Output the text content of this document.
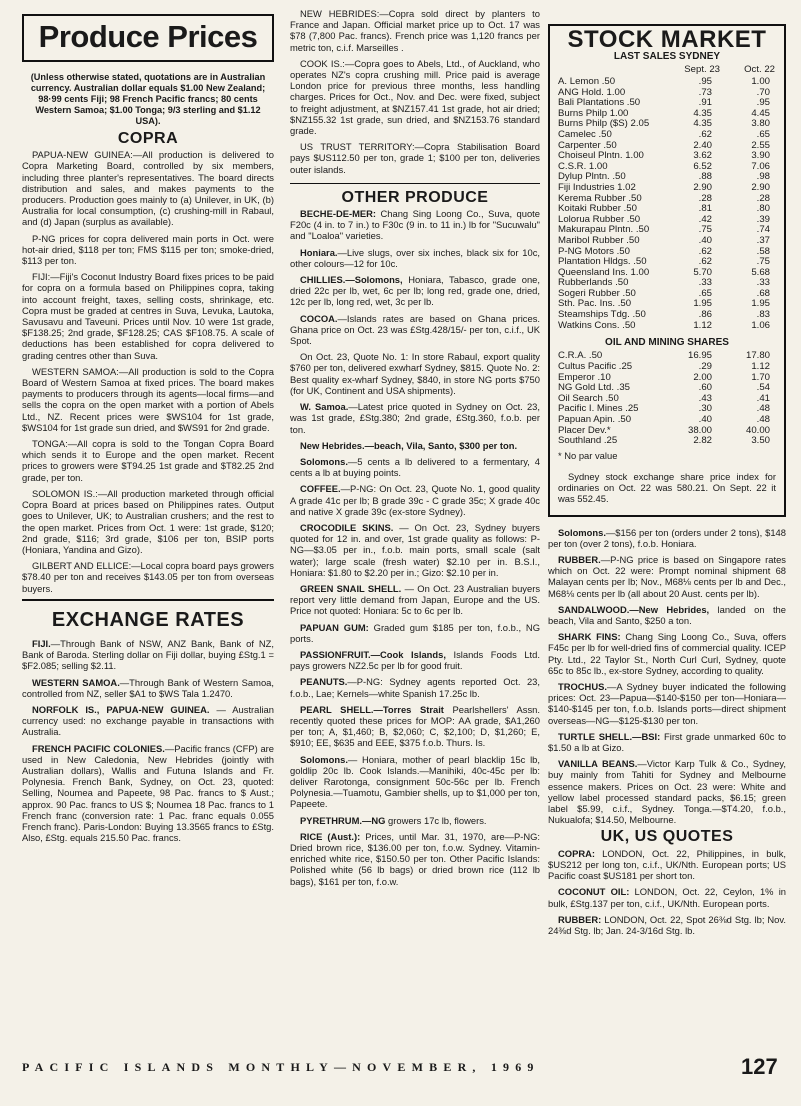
Produce Prices
(Unless otherwise stated, quotations are in Australian currency. Australian dollar equals $1.00 New Zealand; 98·99 cents Fiji; 98 French Pacific francs; 80 cents Western Samoa; $1.00 Tonga; 9/3 sterling and $1.12 USA).
COPRA

PAPUA-NEW GUINEA:—All production is delivered to Copra Marketing Board, controlled by six members, including three planter's representatives. The board directs distribution and sales, and makes payments to the producers. Production goes mainly to (a) Unilever, in UK, (b) Australia for local consumption, (c) crushing-mill in Rabaul, and (d) Japan (surplus as available).

P-NG prices for copra delivered main ports in Oct. were hot-air dried, $118 per ton; FMS $115 per ton; smoke-dried, $113 per ton.

FIJI:—Fiji's Coconut Industry Board fixes prices to be paid for copra on a formula based on Philippines copra, taking into account freight, taxes, selling costs, shrinkage, etc. Copra must be graded at centres in Suva, Levuka, Lautoka, Savusavu and Taveuni. Prices until Nov. 10 were 1st grade, $F138.25; 2nd grade, $F128.25; CAS $F108.75. A scale of deductions has been established for copra delivered to grading centres other than Suva.

WESTERN SAMOA:—All production is sold to the Copra Board of Western Samoa at fixed prices. The board makes payments to producers through its agents—local firms—and sells the copra on the open market with a portion of Abels Ltd., NZ. Recent prices were $WS104 for 1st grade, $WS104 for 1st grade sun dried, and $WS91 for 2nd grade.

TONGA:—All copra is sold to the Tongan Copra Board which sends it to Europe and the open market. Recent prices to growers were $T94.25 1st grade and $T82.25 2nd grade, per ton.

SOLOMON IS.:—All production marketed through official Copra Board at prices based on Philippines rates. Output goes to Unilever, UK; to Australian crushers; and the rest to the open market. Prices from Oct. 1 were: 1st grade, $120; 2nd grade, $116; 3rd grade, $106 per ton, BSIP ports (Honiara, Yandina and Gizo).

GILBERT AND ELLICE:—Local copra board pays growers $78.40 per ton and receives $143.05 per ton from overseas buyers.

EXCHANGE RATES

FIJI.—Through Bank of NSW, ANZ Bank, Bank of NZ, Bank of Baroda. Sterling dollar on Fiji dollar, buying £Stg.1 = $F2.085; selling $2.11.

WESTERN SAMOA.—Through Bank of Western Samoa, controlled from NZ, seller $A1 to $WS Tala 1.2470.

NORFOLK IS., PAPUA-NEW GUINEA. — Australian currency used: no exchange payable in transactions with Australia.

FRENCH PACIFIC COLONIES.—Pacific francs (CFP) are used in New Caledonia, New Hebrides (jointly with Australian dollars), Wallis and Futuna Islands and Fr. Polynesia. French Bank, Sydney, on Oct. 23, quoted: Selling, Noumea and Papeete, 98 Pac. francs to $ Aust.; approx. 90 Pac. francs to US $; Noumea 18 Pac. francs to 1 French franc (conversion rate: 1 Pac. franc equals 0.055 French franc). Paris-London: Buying 13.3565 francs to £Stg. Also, £Stg. equals 215.50 Pac. francs.

NEW HEBRIDES:—Copra sold direct by planters to France and Japan. Official market price up to Oct. 17 was $78 (7,800 Pac. francs). French price was 1,120 francs per metric ton, c.i.f. Marseilles .

COOK IS.:—Copra goes to Abels, Ltd., of Auckland, who operates NZ's copra crushing mill. Price paid is average London price for previous three months, less handling charges. Prices for Oct., Nov. and Dec. were fixed, subject to freight adjustment, at $NZ157.41 1st grade, hot air dried; $NZ155.32 1st grade, sun dried, and $NZ153.76 standard grade.

US TRUST TERRITORY:—Copra Stabilisation Board pays $US112.50 per ton, grade 1; $100 per ton, deliveries outer islands.

OTHER PRODUCE

BECHE-DE-MER: Chang Sing Loong Co., Suva, quote F20c (4 in. to 7 in.) to F30c (9 in. to 11 in.) lb for "Sucuwalu" and "Loaloa" varieties.

Honiara.—Live slugs, over six inches, black six for 10c, other colours—12 for 10c.

CHILLIES.—Solomons, Honiara, Tabasco, grade one, dried 22c per lb, wet, 6c per lb; long red, grade one, dried, 12c per lb, long red, wet, 3c per lb.

COCOA.—Islands rates are based on Ghana prices. Ghana price on Oct. 23 was £Stg.428/15/- per ton, c.i.f., UK Spot.

On Oct. 23, Quote No. 1: In store Rabaul, export quality $760 per ton, delivered exwharf Sydney, $815. Quote No. 2: Best quality ex-wharf Sydney, $840, in store NG ports $750 (for UK, Continent and USA shipments).

W. Samoa.—Latest price quoted in Sydney on Oct. 23, was 1st grade, £Stg.380; 2nd grade, £Stg.360, f.o.b. per ton.

New Hebrides.—beach, Vila, Santo, $300 per ton.

Solomons.—5 cents a lb delivered to a fermentary, 4 cents a lb at buying points.

COFFEE.—P-NG: On Oct. 23, Quote No. 1, good quality A grade 41c per lb; B grade 39c - C grade 35c; X grade 40c and native X grade 39c (ex-store Sydney).

CROCODILE SKINS. — On Oct. 23, Sydney buyers quoted for 12 in. and over, 1st grade quality as follows: P-NG—$3.05 per in., f.o.b. main ports, small scale (salt water); large scale (fresh water) $2.10 per in. B.S.I., Honiara: $1.80 to $2.20 per in.; Gizo: $2.10 per in.

GREEN SNAIL SHELL. — On Oct. 23 Australian buyers report very little demand from Japan, Europe and the US. Price not quoted: Honiara: 5c to 6c per lb.

PAPUAN GUM: Graded gum $185 per ton, f.o.b., NG ports.

PASSIONFRUIT.—Cook Islands, Islands Foods Ltd. pays growers NZ2.5c per lb for good fruit.

PEANUTS.—P-NG: Sydney agents reported Oct. 23, f.o.b., Lae; Kernels—white Spanish 17.25c lb.

PEARL SHELL.—Torres Strait Pearlshellers' Assn. recently quoted these prices for MOP: AA grade, $A1,260 per ton; A, $1,460; B, $2,060; C, $2,100; D, $1,260; E, $910; EE, $635 and EEE, $375 f.o.b. Thurs. Is.

Solomons.— Honiara, mother of pearl blacklip 15c lb, goldlip 20c lb. Cook Islands.—Manihiki, 40c-45c per lb: deliver Rarotonga, consignment 50c-56c per lb. French Polynesia.—Tuamotu, Gambier shells, up to $1,000 per ton, Papeete.

PYRETHRUM.—NG growers 17c lb, flowers.

RICE (Aust.): Prices, until Mar. 31, 1970, are—P-NG: Dried brown rice, $136.00 per ton, f.o.w. Sydney. Vitamin-enriched white rice, $150.50 per ton. Other Pacific Islands: Polished white (56 lb bags) or dried brown rice (112 lb bags), $161 per ton, f.o.w.

STOCK MARKET
LAST SALES SYDNEY
	Sept. 23	Oct. 22
A. Lemon .50	.95	1.00
ANG Hold. 1.00	.73	.70
Bali Plantations .50	.91	.95
Burns Philp 1.00	4.35	4.45
Burns Philp ($S) 2.05	4.35	3.80
Camelec .50	.62	.65
Carpenter .50	2.40	2.55
Choiseul Plntn. 1.00	3.62	3.90
C.S.R. 1.00	6.52	7.06
Dylup Plntn. .50	.88	.98
Fiji Industries 1.02	2.90	2.90
Kerema Rubber .50	.28	.28
Koitaki Rubber .50	.81	.80
Lolorua Rubber .50	.42	.39
Makurapau Plntn. .50	.75	.74
Maribol Rubber .50	.40	.37
P-NG Motors .50	.62	.58
Plantation Hldgs. .50	.62	.75
Queensland Ins. 1.00	5.70	5.68
Rubberlands .50	.33	.33
Sogeri Rubber .50	.65	.68
Sth. Pac. Ins. .50	1.95	1.95
Steamships Tdg. .50	.86	.83
Watkins Cons. .50	1.12	1.06
OIL AND MINING SHARES
C.R.A. .50	16.95	17.80
Cultus Pacific .25	.29	1.12
Emperor .10	2.00	1.70
NG Gold Ltd. .35	.60	.54
Oil Search .50	.43	.41
Pacific I. Mines .25	.30	.48
Papuan Apin. .50	.40	.48
Placer Dev.*	38.00	40.00
Southland .25	2.82	3.50
* No par value
Sydney stock exchange share price index for ordinaries on Oct. 22 was 580.21. On Sept. 22 it was 552.45.

Solomons.—$156 per ton (orders under 2 tons), $148 per ton (over 2 tons), f.o.b. Honiara.

RUBBER.—P-NG price is based on Singapore rates which on Oct. 22 were: Prompt nominal shipment 68 Malayan cents per lb; Nov., M68⅛ cents per lb and Dec., M68⅛ cents per lb (all about 20 Aust. cents per lb).

SANDALWOOD.—New Hebrides, landed on the beach, Vila and Santo, $250 a ton.

SHARK FINS: Chang Sing Loong Co., Suva, offers F45c per lb for well-dried fins of commercial quality. ICEP Pty. Ltd., 22 Taylor St., North Curl Curl, Sydney, quote 65c to 85c lb., ex-store Sydney, according to quality.

TROCHUS.—A Sydney buyer indicated the following prices: Oct. 23—Papua—$140-$150 per ton—Honiara—$140-$145 per ton, f.o.b. Islands ports—direct shipment overseas—NG—$125-$130 per ton.

TURTLE SHELL.—BSI: First grade unmarked 60c to $1.50 a lb at Gizo.

VANILLA BEANS.—Victor Karp Tulk & Co., Sydney, buy mainly from Tahiti for Sydney and Melbourne essence makers. Prices on Oct. 23 were: White and yellow label processed standard packs, $6.15; green label $5.99, c.i.f., Sydney. Tonga.—$T4.20, f.o.b., Nukualofa; $14.50, Melbourne.

UK, US QUOTES

COPRA: LONDON, Oct. 22, Philippines, in bulk, $US212 per long ton, c.i.f., UK/Nth. European ports; US Pacific coast $US181 per short ton.

COCONUT OIL: LONDON, Oct. 22, Ceylon, 1% in bulk, £Stg.137 per ton, c.i.f., UK/Nth. European ports.

RUBBER: LONDON, Oct. 22, Spot 26⅜d Stg. lb; Nov. 24⅜d Stg. lb; Jan. 24-3/16d Stg. lb.

PACIFIC ISLANDS MONTHLY—NOVEMBER, 1969	127
